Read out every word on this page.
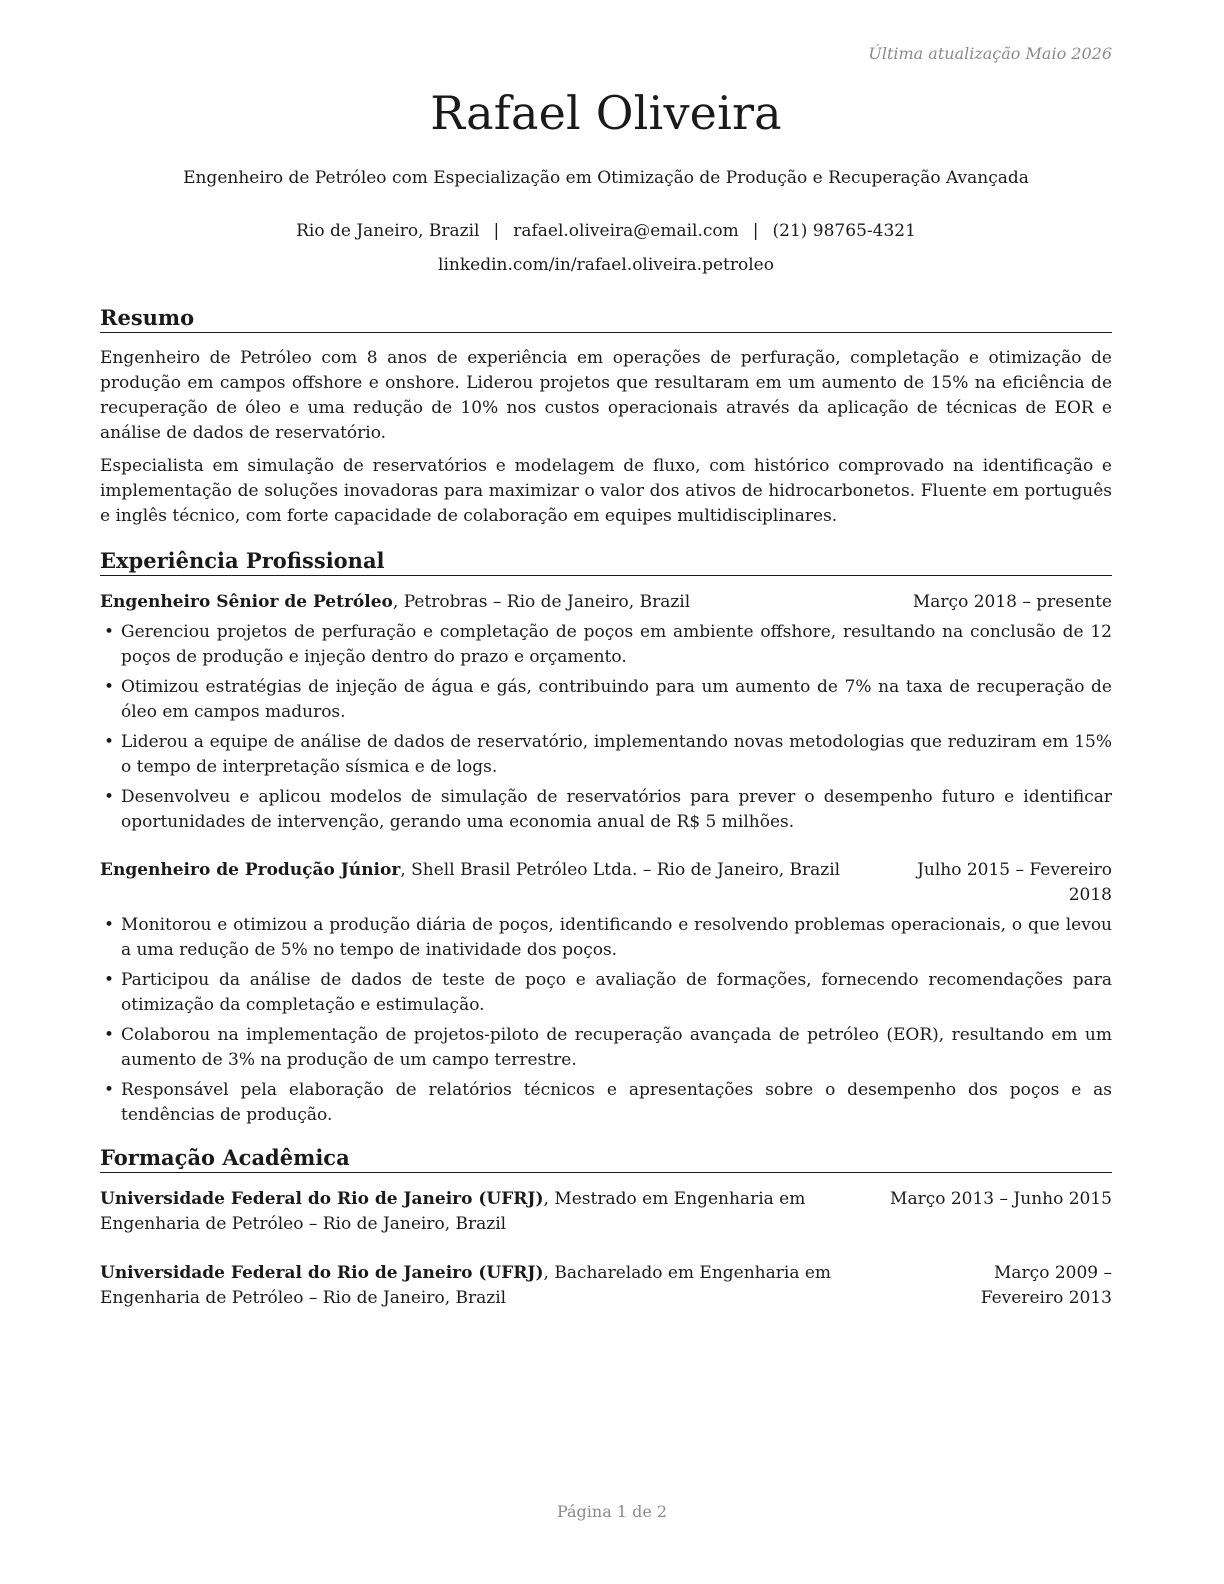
Última atualização Maio 2026
Rafael Oliveira
Engenheiro de Petróleo com Especialização em Otimização de Produção e Recuperação Avançada
Rio de Janeiro, Brazil | rafael.oliveira@email.com | (21) 98765-4321
linkedin.com/in/rafael.oliveira.petroleo
Resumo

Engenheiro de Petróleo com 8 anos de experiência em operações de perfuração, completação e otimização de produção em campos offshore e onshore. Liderou projetos que resultaram em um aumento de 15% na eficiência de recuperação de óleo e uma redução de 10% nos custos operacionais através da aplicação de técnicas de EOR e análise de dados de reservatório.

Especialista em simulação de reservatórios e modelagem de fluxo, com histórico comprovado na identificação e implementação de soluções inovadoras para maximizar o valor dos ativos de hidrocarbonetos. Fluente em português e inglês técnico, com forte capacidade de colaboração em equipes multidisciplinares.

Experiência Profissional
Engenheiro Sênior de Petróleo, Petrobras – Rio de Janeiro, Brazil	Março 2018 – presente
• Gerenciou projetos de perfuração e completação de poços em ambiente offshore, resultando na conclusão de 12 poços de produção e injeção dentro do prazo e orçamento.
• Otimizou estratégias de injeção de água e gás, contribuindo para um aumento de 7% na taxa de recuperação de óleo em campos maduros.
• Liderou a equipe de análise de dados de reservatório, implementando novas metodologias que reduziram em 15% o tempo de interpretação sísmica e de logs.
• Desenvolveu e aplicou modelos de simulação de reservatórios para prever o desempenho futuro e identificar oportunidades de intervenção, gerando uma economia anual de R$ 5 milhões.
Engenheiro de Produção Júnior, Shell Brasil Petróleo Ltda. – Rio de Janeiro, Brazil	Julho 2015 – Fevereiro 2018
• Monitorou e otimizou a produção diária de poços, identificando e resolvendo problemas operacionais, o que levou a uma redução de 5% no tempo de inatividade dos poços.
• Participou da análise de dados de teste de poço e avaliação de formações, fornecendo recomendações para otimização da completação e estimulação.
• Colaborou na implementação de projetos-piloto de recuperação avançada de petróleo (EOR), resultando em um aumento de 3% na produção de um campo terrestre.
• Responsável pela elaboração de relatórios técnicos e apresentações sobre o desempenho dos poços e as tendências de produção.
Formação Acadêmica
Universidade Federal do Rio de Janeiro (UFRJ), Mestrado em Engenharia em Engenharia de Petróleo – Rio de Janeiro, Brazil
Março 2013 – Junho 2015
Universidade Federal do Rio de Janeiro (UFRJ), Bacharelado em Engenharia em Engenharia de Petróleo – Rio de Janeiro, Brazil
Março 2009 – Fevereiro 2013
Página 1 de 2
